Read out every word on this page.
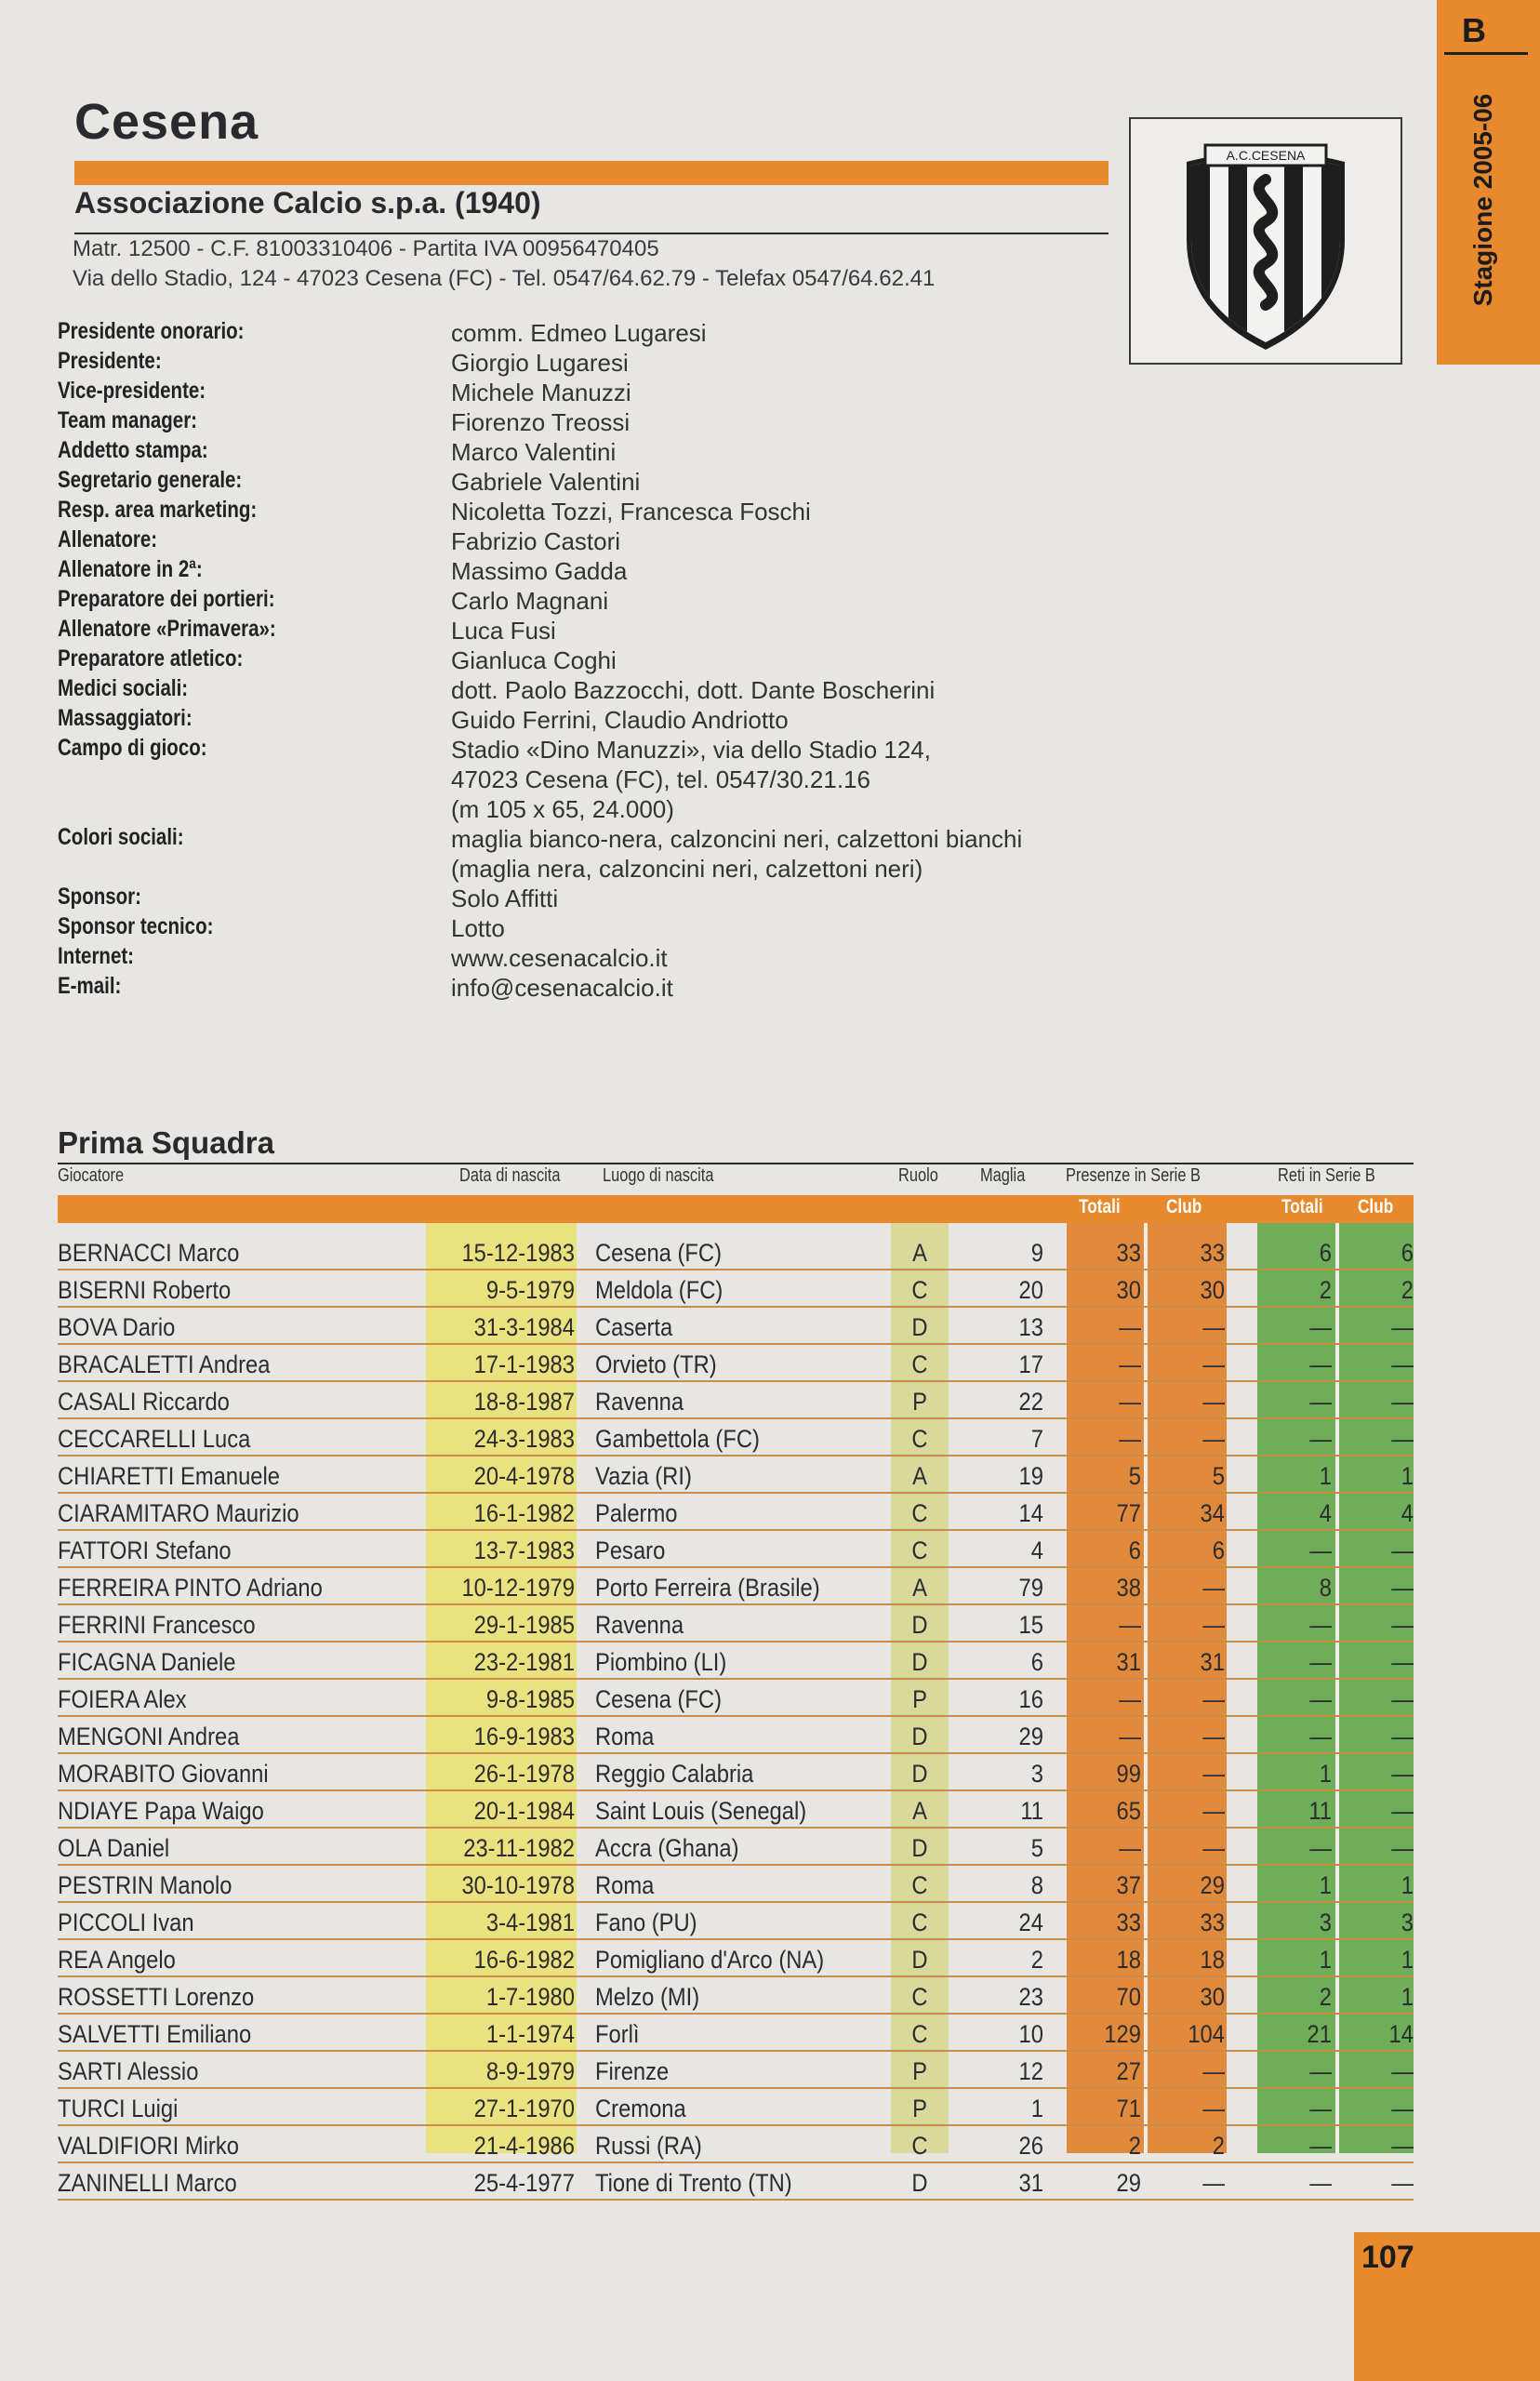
B
Stagione 2005-06
Cesena
Associazione Calcio s.p.a. (1940)
Matr. 12500 - C.F. 81003310406 - Partita IVA 00956470405
Via dello Stadio, 124 - 47023 Cesena (FC) - Tel. 0547/64.62.79 - Telefax 0547/64.62.41
A.C.CESENA
Presidente onorario:	comm. Edmeo Lugaresi
Presidente:	Giorgio Lugaresi
Vice-presidente:	Michele Manuzzi
Team manager:	Fiorenzo Treossi
Addetto stampa:	Marco Valentini
Segretario generale:	Gabriele Valentini
Resp. area marketing:	Nicoletta Tozzi, Francesca Foschi
Allenatore:	Fabrizio Castori
Allenatore in 2ª:	Massimo Gadda
Preparatore dei portieri:	Carlo Magnani
Allenatore «Primavera»:	Luca Fusi
Preparatore atletico:	Gianluca Coghi
Medici sociali:	dott. Paolo Bazzocchi, dott. Dante Boscherini
Massaggiatori:	Guido Ferrini, Claudio Andriotto
Campo di gioco:	Stadio «Dino Manuzzi», via dello Stadio 124,
47023 Cesena (FC), tel. 0547/30.21.16
(m 105 x 65, 24.000)
Colori sociali:	maglia bianco-nera, calzoncini neri, calzettoni bianchi
(maglia nera, calzoncini neri, calzettoni neri)
Sponsor:	Solo Affitti
Sponsor tecnico:	Lotto
Internet:	www.cesenacalcio.it
E-mail:	info@cesenacalcio.it
Prima Squadra
Giocatore	Data di nascita Luogo di nascita	Ruolo Maglia Presenze in Serie B	Reti in Serie B
Totali Club	Totali Club
BERNACCI Marco	15-12-1983 Cesena (FC)	A	9	33	33	6	6
BISERNI Roberto	9-5-1979 Meldola (FC)	C	20	30	30	2	2
BOVA Dario	31-3-1984 Caserta	D	13	—	—	—	—
BRACALETTI Andrea	17-1-1983 Orvieto (TR)	C	17	—	—	—	—
CASALI Riccardo	18-8-1987 Ravenna	P	22	—	—	—	—
CECCARELLI Luca	24-3-1983 Gambettola (FC)	C	7	—	—	—	—
CHIARETTI Emanuele	20-4-1978 Vazia (RI)	A	19	5	5	1	1
CIARAMITARO Maurizio	16-1-1982 Palermo	C	14	77	34	4	4
FATTORI Stefano	13-7-1983 Pesaro	C	4	6	6	—	—
FERREIRA PINTO Adriano	10-12-1979 Porto Ferreira (Brasile)	A	79	38	—	8	—
FERRINI Francesco	29-1-1985 Ravenna	D	15	—	—	—	—
FICAGNA Daniele	23-2-1981 Piombino (LI)	D	6	31	31	—	—
FOIERA Alex	9-8-1985 Cesena (FC)	P	16	—	—	—	—
MENGONI Andrea	16-9-1983 Roma	D	29	—	—	—	—
MORABITO Giovanni	26-1-1978 Reggio Calabria	D	3	99	—	1	—
NDIAYE Papa Waigo	20-1-1984 Saint Louis (Senegal)	A	11	65	—	11	—
OLA Daniel	23-11-1982 Accra (Ghana)	D	5	—	—	—	—
PESTRIN Manolo	30-10-1978 Roma	C	8	37	29	1	1
PICCOLI Ivan	3-4-1981 Fano (PU)	C	24	33	33	3	3
REA Angelo	16-6-1982 Pomigliano d'Arco (NA)	D	2	18	18	1	1
ROSSETTI Lorenzo	1-7-1980 Melzo (MI)	C	23	70	30	2	1
SALVETTI Emiliano	1-1-1974 Forlì	C	10	129	104	21	14
SARTI Alessio	8-9-1979 Firenze	P	12	27	—	—	—
TURCI Luigi	27-1-1970 Cremona	P	1	71	—	—	—
VALDIFIORI Mirko	21-4-1986 Russi (RA)	C	26	2	2	—	—
ZANINELLI Marco	25-4-1977 Tione di Trento (TN)	D	31	29	—	—	—
107
